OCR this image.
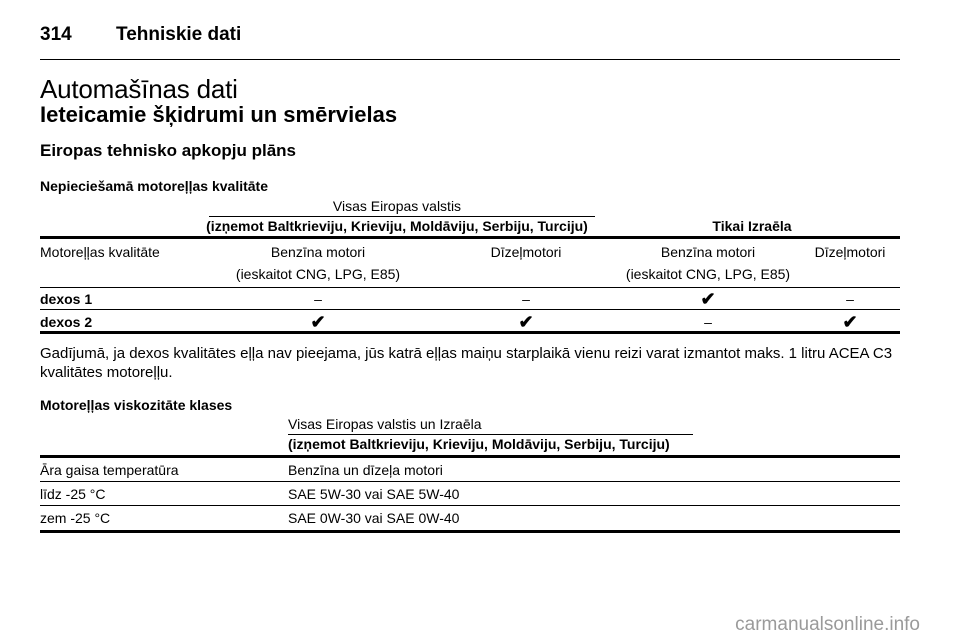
314 Tehniskie dati
Automašīnas dati
Ieteicamie šķidrumi un smērvielas
Eiropas tehnisko apkopju plāns
Nepieciešamā motoreļļas kvalitāte
Visas Eiropas valstis
(izņemot Baltkrieviju, Krieviju, Moldāviju, Serbiju, Turciju)	Tikai Izraēla
Motoreļļas kvalitāte	Benzīna motori	Dīzeļmotori	Benzīna motori	Dīzeļmotori
(ieskaitot CNG, LPG, E85)	(ieskaitot CNG, LPG, E85)
dexos 1	–	–	✔	–
dexos 2	✔	✔	–	✔
Gadījumā, ja dexos kvalitātes eļļa nav pieejama, jūs katrā eļļas maiņu starplaikā vienu reizi varat izmantot maks. 1 litru ACEA C3 kvalitātes motoreļļu.
Motoreļļas viskozitāte klases
Visas Eiropas valstis un Izraēla
(izņemot Baltkrieviju, Krieviju, Moldāviju, Serbiju, Turciju)
Āra gaisa temperatūra	Benzīna un dīzeļa motori
līdz -25 °C	SAE 5W-30 vai SAE 5W-40
zem -25 °C	SAE 0W-30 vai SAE 0W-40
carmanualsonline.info
